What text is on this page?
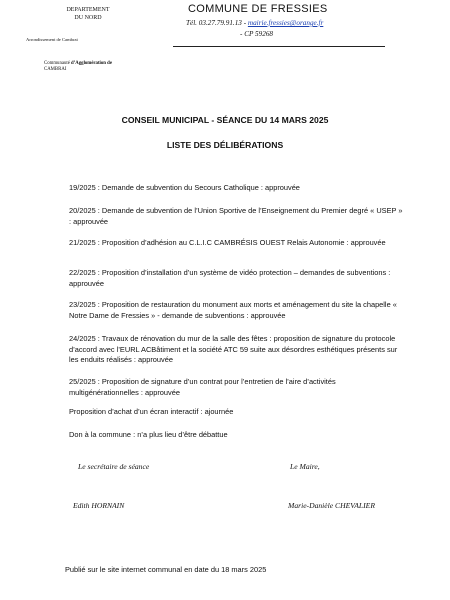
DEPARTEMENT
DU NORD
Arrondissement de Cambrai
Communauté d’Agglomération de
CAMBRAI
COMMUNE DE FRESSIES
Tél. 03.27.79.91.13 - mairie.fressies@orange.fr
- CP 59268
CONSEIL MUNICIPAL - SÉANCE DU 14 MARS 2025
LISTE DES DÉLIBÉRATIONS
19/2025 : Demande de subvention du Secours Catholique : approuvée
20/2025 : Demande de subvention de l’Union Sportive de l’Enseignement du Premier degré « USEP » : approuvée
21/2025 : Proposition d’adhésion au C.L.I.C CAMBRÉSIS OUEST Relais Autonomie : approuvée
22/2025 : Proposition d’installation d’un système de vidéo protection – demandes de subventions : approuvée
23/2025 : Proposition de restauration du monument aux morts et aménagement du site la chapelle « Notre Dame de Fressies » - demande de subventions : approuvée
24/2025 : Travaux de rénovation du mur de la salle des fêtes : proposition de signature du protocole d’accord avec l’EURL ACBâtiment et la société ATC 59 suite aux désordres esthétiques présents sur les enduits réalisés : approuvée
25/2025 : Proposition de signature d’un contrat pour l’entretien de l’aire d’activités multigénérationnelles : approuvée
Proposition d’achat d’un écran interactif : ajournée
Don à la commune : n’a plus lieu d’être débattue
Le secrétaire de séance	Le Maire,
Edith HORNAIN	Marie-Danièle CHEVALIER
Publié sur le site internet communal en date du 18 mars 2025
